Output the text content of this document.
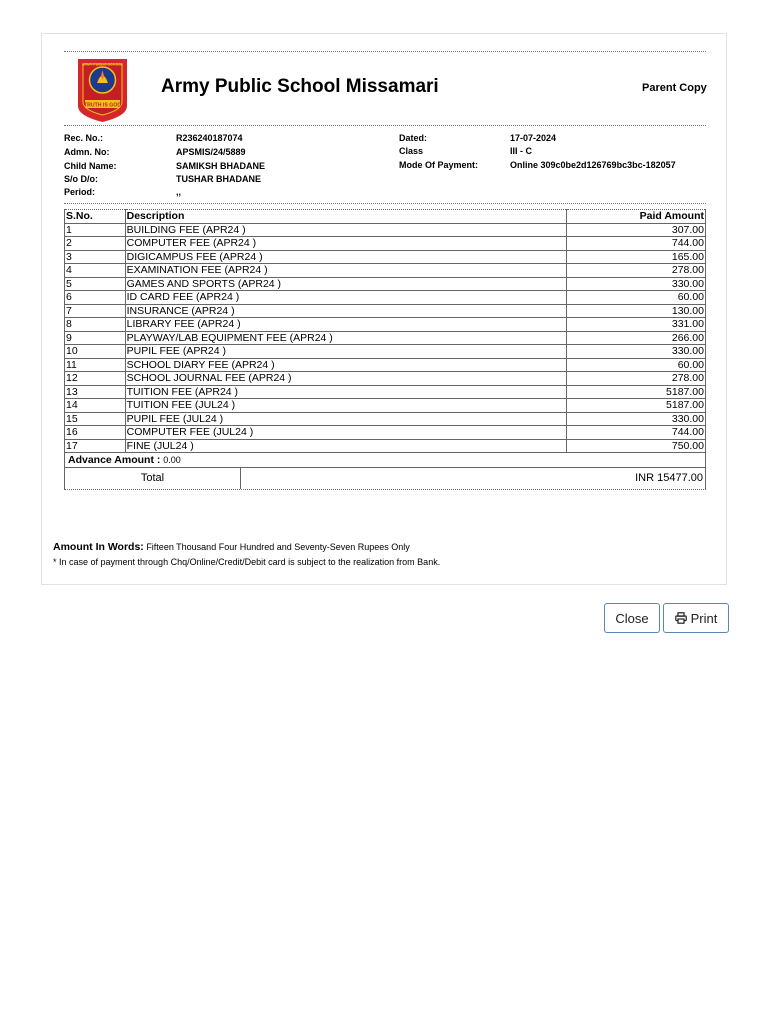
TRUTH IS GOD
ARMY PUBLIC SCHOOL
Army Public School Missamari	Parent Copy
Rec. No.:	R236240187074
Admn. No:	APSMIS/24/5889
Child Name:	SAMIKSH BHADANE
S/o D/o:	TUSHAR BHADANE
Period:	,,
Dated:	17-07-2024
Class	III - C
Mode Of Payment:	Online 309c0be2d126769bc3bc-182057
S.No.	Description	Paid Amount
1	BUILDING FEE (APR24 )	307.00
2	COMPUTER FEE (APR24 )	744.00
3	DIGICAMPUS FEE (APR24 )	165.00
4	EXAMINATION FEE (APR24 )	278.00
5	GAMES AND SPORTS (APR24 )	330.00
6	ID CARD FEE (APR24 )	60.00
7	INSURANCE (APR24 )	130.00
8	LIBRARY FEE (APR24 )	331.00
9	PLAYWAY/LAB EQUIPMENT FEE (APR24 )	266.00
10	PUPIL FEE (APR24 )	330.00
11	SCHOOL DIARY FEE (APR24 )	60.00
12	SCHOOL JOURNAL FEE (APR24 )	278.00
13	TUITION FEE (APR24 )	5187.00
14	TUITION FEE (JUL24 )	5187.00
15	PUPIL FEE (JUL24 )	330.00
16	COMPUTER FEE (JUL24 )	744.00
17	FINE (JUL24 )	750.00
Advance Amount : 0.00
Total	INR 15477.00
Amount In Words: Fifteen Thousand Four Hundred and Seventy-Seven Rupees Only
* In case of payment through Chq/Online/Credit/Debit card is subject to the realization from Bank.
Close	Print
